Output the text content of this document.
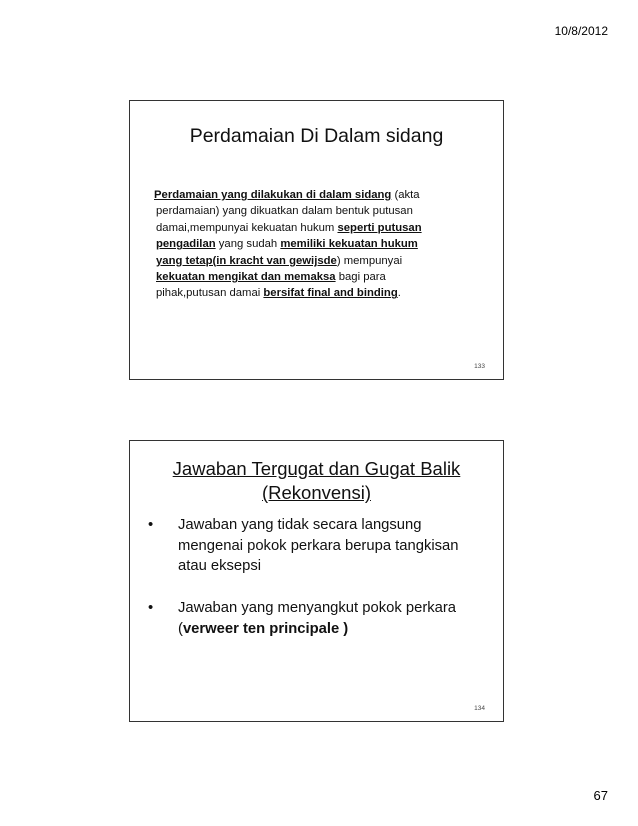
10/8/2012
Perdamaian Di Dalam sidang
Perdamaian yang dilakukan di dalam sidang (akta
perdamaian) yang dikuatkan dalam bentuk putusan
damai,mempunyai kekuatan hukum seperti putusan
pengadilan yang sudah memiliki kekuatan hukum
yang tetap(in kracht van gewijsde) mempunyai
kekuatan mengikat dan memaksa bagi para
pihak,putusan damai bersifat final and binding.
133
Jawaban Tergugat dan Gugat Balik
(Rekonvensi)
• Jawaban yang tidak secara langsung
mengenai pokok perkara berupa tangkisan
atau eksepsi
• Jawaban yang menyangkut pokok perkara
(verweer ten principale )
134
67
